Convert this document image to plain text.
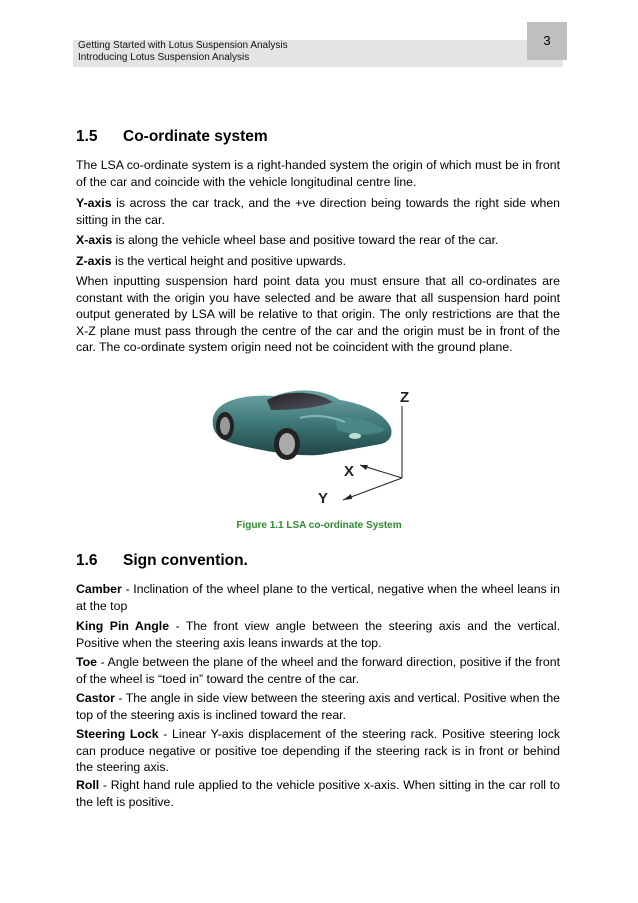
Getting Started with Lotus Suspension Analysis
Introducing Lotus Suspension Analysis
3
1.5 Co-ordinate system
The LSA co-ordinate system is a right-handed system the origin of which must be in front of the car and coincide with the vehicle longitudinal centre line.
Y-axis is across the car track, and the +ve direction being towards the right side when sitting in the car.
X-axis is along the vehicle wheel base and positive toward the rear of the car.
Z-axis is the vertical height and positive upwards.
When inputting suspension hard point data you must ensure that all co-ordinates are constant with the origin you have selected and be aware that all suspension hard point output generated by LSA will be relative to that origin. The only restrictions are that the X-Z plane must pass through the centre of the car and the origin must be in front of the car. The co-ordinate system origin need not be coincident with the ground plane.
Z
X
Y
Figure 1.1 LSA co-ordinate System
1.6 Sign convention.
Camber - Inclination of the wheel plane to the vertical, negative when the wheel leans in at the top
King Pin Angle - The front view angle between the steering axis and the vertical. Positive when the steering axis leans inwards at the top.
Toe - Angle between the plane of the wheel and the forward direction, positive if the front of the wheel is “toed in” toward the centre of the car.
Castor - The angle in side view between the steering axis and vertical. Positive when the top of the steering axis is inclined toward the rear.
Steering Lock - Linear Y-axis displacement of the steering rack. Positive steering lock can produce negative or positive toe depending if the steering rack is in front or behind the steering axis.
Roll - Right hand rule applied to the vehicle positive x-axis. When sitting in the car roll to the left is positive.
